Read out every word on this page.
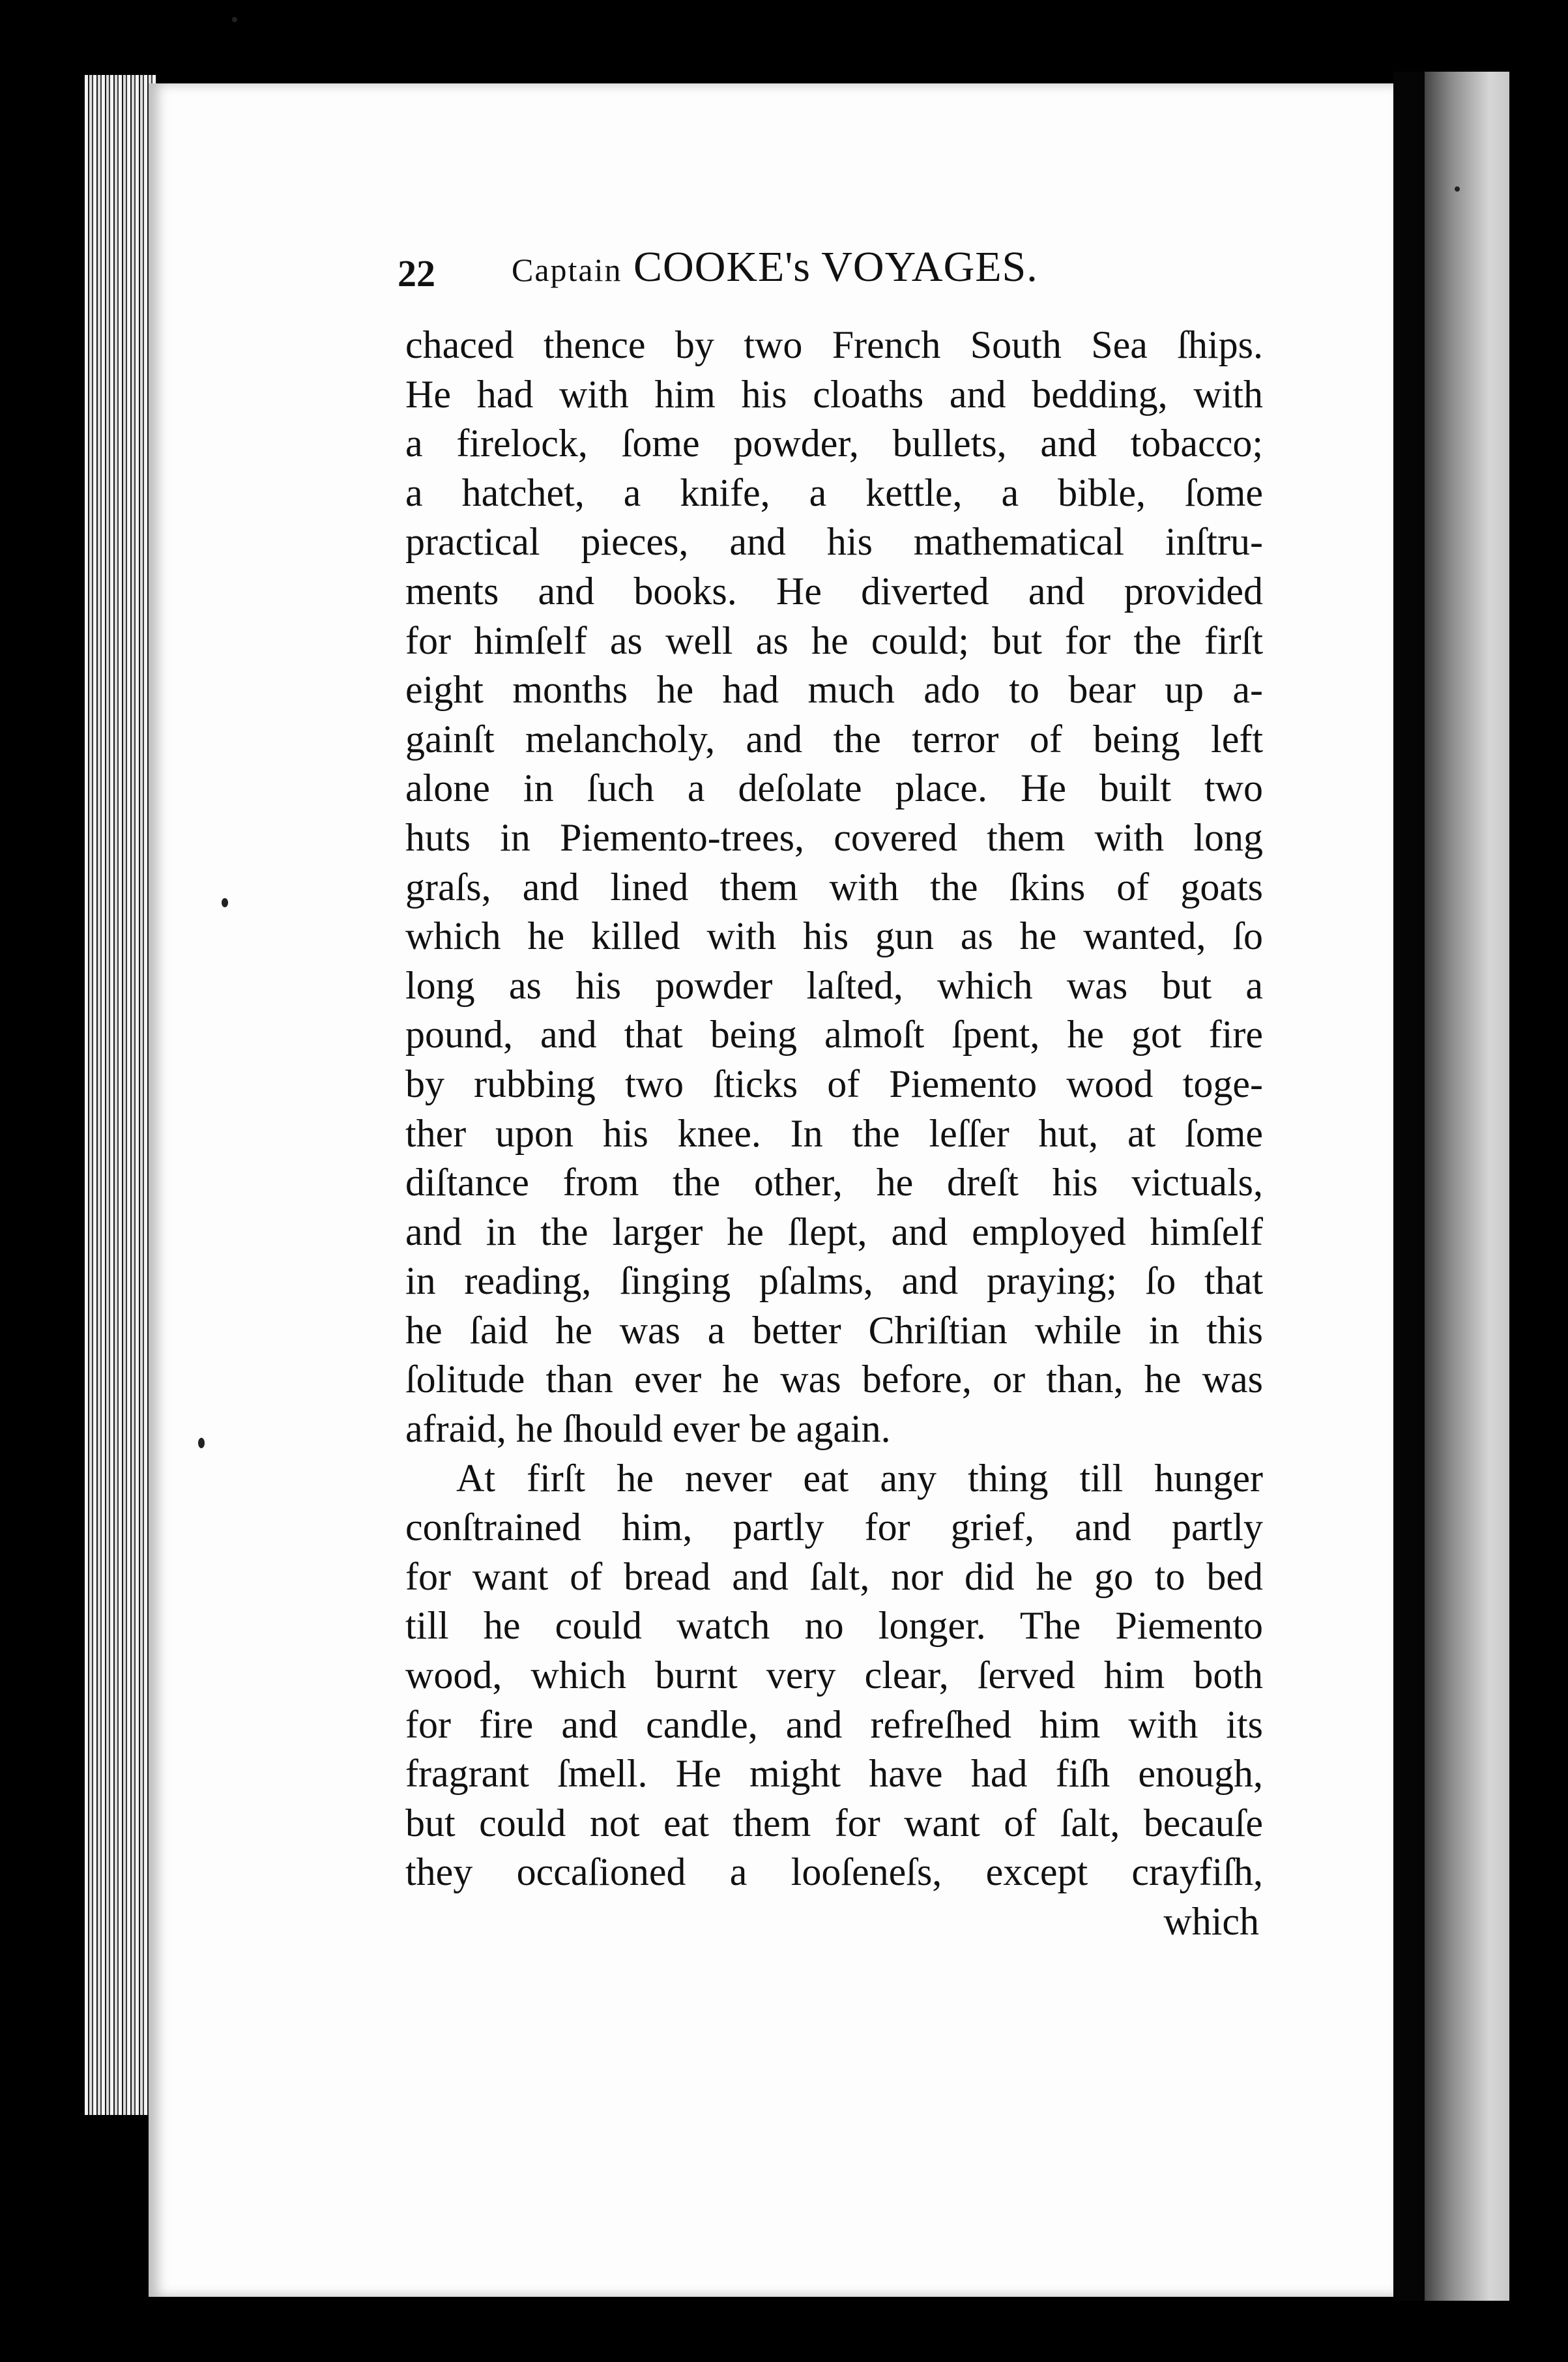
22 Captain COOKE's VOYAGES.
chaced thence by two French South Sea ſhips.
He had with him his cloaths and bedding, with
a firelock, ſome powder, bullets, and tobacco;
a hatchet, a knife, a kettle, a bible, ſome
practical pieces, and his mathematical inſtru-
ments and books. He diverted and provided
for himſelf as well as he could; but for the firſt
eight months he had much ado to bear up a-
gainſt melancholy, and the terror of being left
alone in ſuch a deſolate place. He built two
huts in Piemento-trees, covered them with long
graſs, and lined them with the ſkins of goats
which he killed with his gun as he wanted, ſo
long as his powder laſted, which was but a
pound, and that being almoſt ſpent, he got fire
by rubbing two ſticks of Piemento wood toge-
ther upon his knee. In the leſſer hut, at ſome
diſtance from the other, he dreſt his victuals,
and in the larger he ſlept, and employed himſelf
in reading, ſinging pſalms, and praying; ſo that
he ſaid he was a better Chriſtian while in this
ſolitude than ever he was before, or than, he was
afraid, he ſhould ever be again.
At firſt he never eat any thing till hunger
conſtrained him, partly for grief, and partly
for want of bread and ſalt, nor did he go to bed
till he could watch no longer. The Piemento
wood, which burnt very clear, ſerved him both
for fire and candle, and refreſhed him with its
fragrant ſmell. He might have had fiſh enough,
but could not eat them for want of ſalt, becauſe
they occaſioned a looſeneſs, except crayfiſh,
which
